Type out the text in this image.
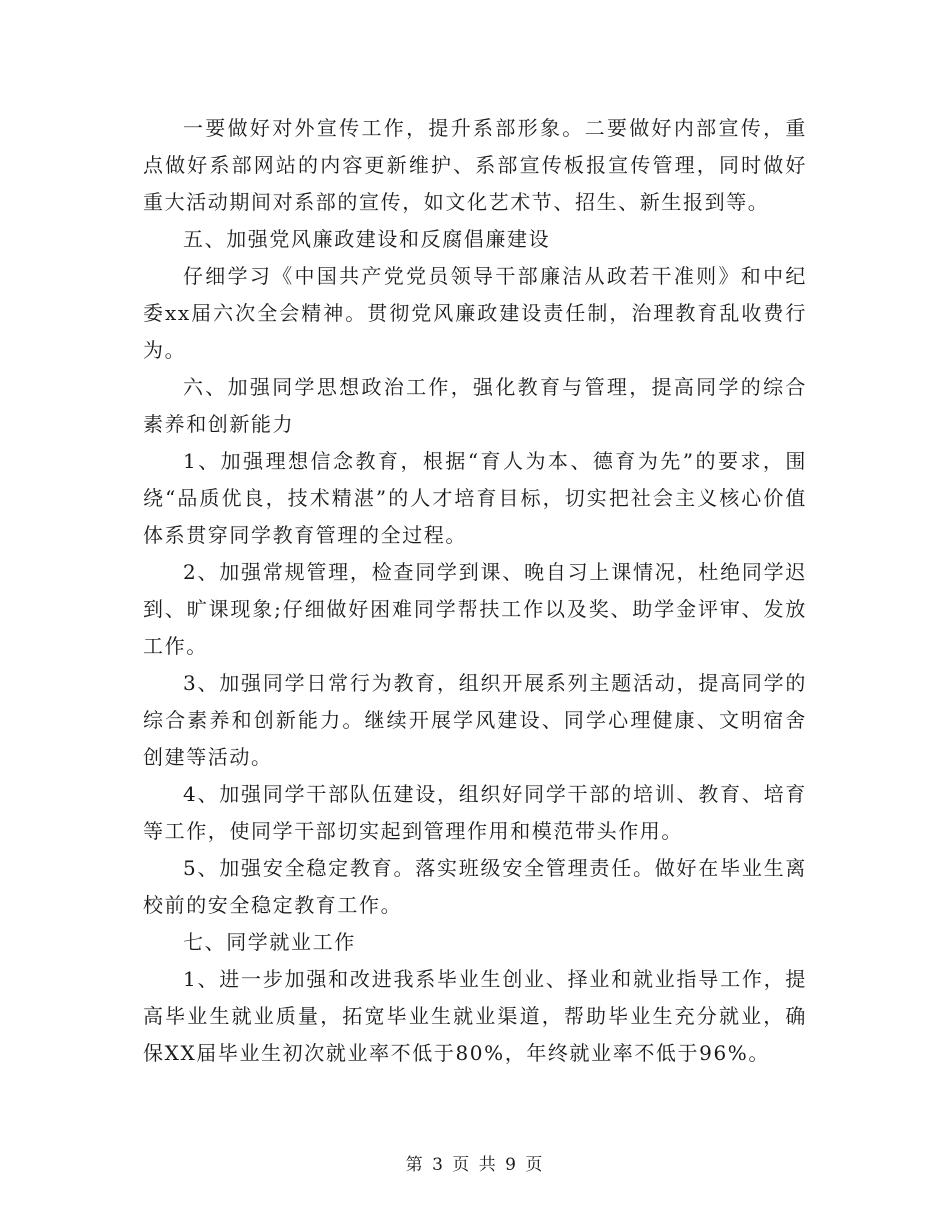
一要做好对外宣传工作，提升系部形象。二要做好内部宣传，重点做好系部网站的内容更新维护、系部宣传板报宣传管理，同时做好重大活动期间对系部的宣传，如文化艺术节、招生、新生报到等。

五、加强党风廉政建设和反腐倡廉建设

仔细学习《中国共产党党员领导干部廉洁从政若干准则》和中纪委xx届六次全会精神。贯彻党风廉政建设责任制，治理教育乱收费行为。

六、加强同学思想政治工作，强化教育与管理，提高同学的综合素养和创新能力

1、加强理想信念教育，根据“育人为本、德育为先”的要求，围绕“品质优良，技术精湛”的人才培育目标，切实把社会主义核心价值体系贯穿同学教育管理的全过程。

2、加强常规管理，检查同学到课、晚自习上课情况，杜绝同学迟到、旷课现象;仔细做好困难同学帮扶工作以及奖、助学金评审、发放工作。

3、加强同学日常行为教育，组织开展系列主题活动，提高同学的综合素养和创新能力。继续开展学风建设、同学心理健康、文明宿舍创建等活动。

4、加强同学干部队伍建设，组织好同学干部的培训、教育、培育等工作，使同学干部切实起到管理作用和模范带头作用。

5、加强安全稳定教育。落实班级安全管理责任。做好在毕业生离校前的安全稳定教育工作。

七、同学就业工作

1、进一步加强和改进我系毕业生创业、择业和就业指导工作，提高毕业生就业质量，拓宽毕业生就业渠道，帮助毕业生充分就业，确保XX届毕业生初次就业率不低于80%，年终就业率不低于96%。

第 3 页 共 9 页
